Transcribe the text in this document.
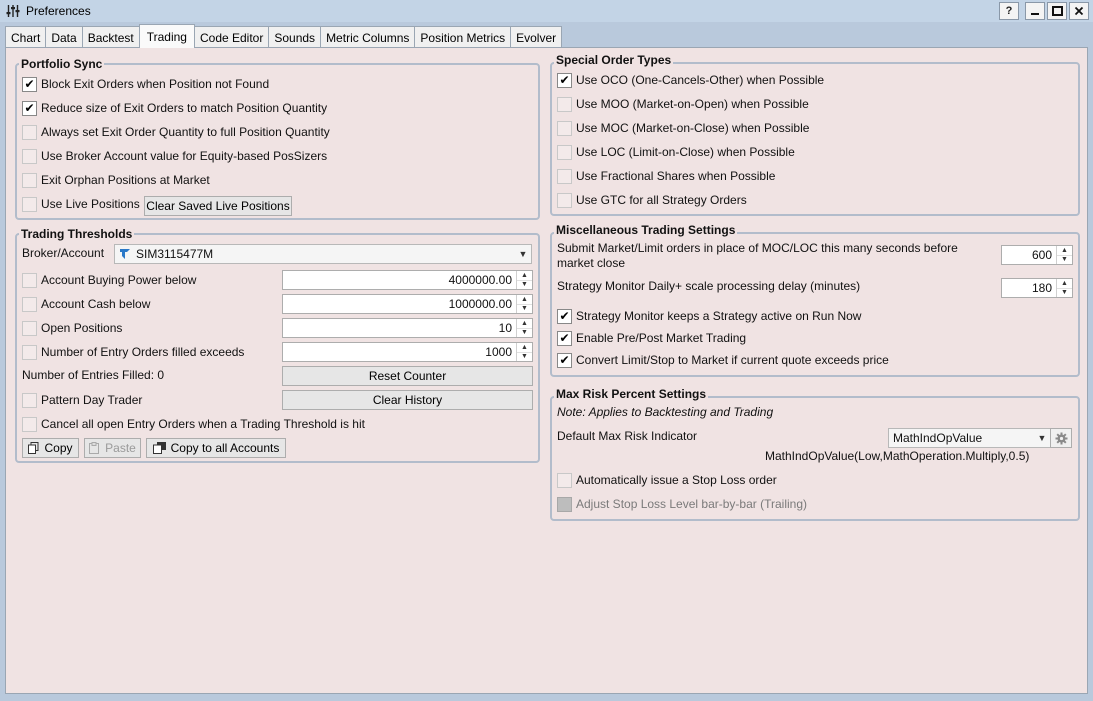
Preferences	?
Chart Data Backtest	Trading	Code Editor Sounds Metric Columns Position Metrics Evolver
Portfolio Sync
✔ Block Exit Orders when Position not Found
✔ Reduce size of Exit Orders to match Position Quantity
Always set Exit Order Quantity to full Position Quantity
Use Broker Account value for Equity-based PosSizers
Exit Orphan Positions at Market
Use Live Positions Clear Saved Live Positions
Trading Thresholds
Broker/Account	SIM3115477M	▼
Account Buying Power below	4000000.00	▲
▼
Account Cash below	1000000.00	▲
▼
Open Positions	10	▲
▼
Number of Entry Orders filled exceeds	1000	▲
▼
Number of Entries Filled: 0	Reset Counter
Pattern Day Trader	Clear History
Cancel all open Entry Orders when a Trading Threshold is hit
Copy	Paste	Copy to all Accounts
Special Order Types
✔ Use OCO (One-Cancels-Other) when Possible
Use MOO (Market-on-Open) when Possible
Use MOC (Market-on-Close) when Possible
Use LOC (Limit-on-Close) when Possible
Use Fractional Shares when Possible
Use GTC for all Strategy Orders
Miscellaneous Trading Settings
Submit Market/Limit orders in place of MOC/LOC this many seconds before market close
600	▲
▼
Strategy Monitor Daily+ scale processing delay (minutes)	180	▲
▼
✔ Strategy Monitor keeps a Strategy active on Run Now
✔ Enable Pre/Post Market Trading
✔ Convert Limit/Stop to Market if current quote exceeds price
Max Risk Percent Settings
Note: Applies to Backtesting and Trading
Default Max Risk Indicator	MathIndOpValue	▼
MathIndOpValue(Low,MathOperation.Multiply,0.5)
Automatically issue a Stop Loss order
Adjust Stop Loss Level bar-by-bar (Trailing)
